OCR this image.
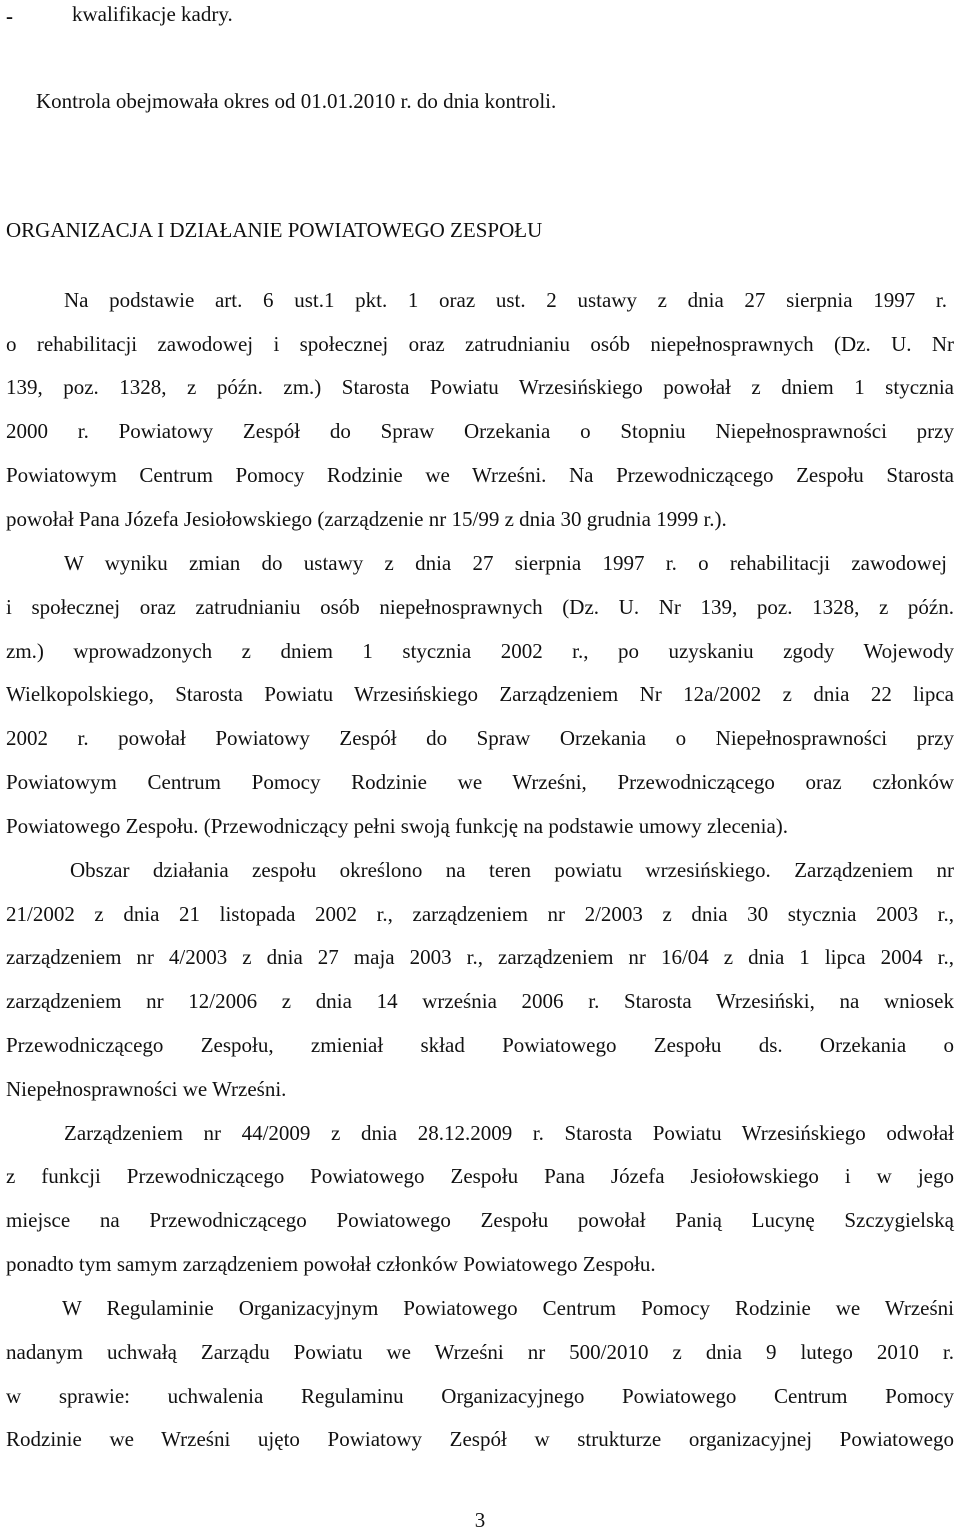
-	kwalifikacje kadry.

Kontrola obejmowała okres od 01.01.2010 r. do dnia kontroli.

ORGANIZACJA I DZIAŁANIE POWIATOWEGO ZESPOŁU

Na podstawie art. 6 ust.1 pkt. 1 oraz ust. 2 ustawy z dnia 27 sierpnia 1997 r.

o rehabilitacji zawodowej i społecznej oraz zatrudnianiu osób niepełnosprawnych (Dz. U. Nr

139, poz. 1328, z późn. zm.) Starosta Powiatu Wrzesińskiego powołał z dniem 1 stycznia

2000 r. Powiatowy Zespół do Spraw Orzekania o Stopniu Niepełnosprawności przy

Powiatowym Centrum Pomocy Rodzinie we Wrześni. Na Przewodniczącego Zespołu Starosta

powołał Pana Józefa Jesiołowskiego (zarządzenie nr 15/99 z dnia 30 grudnia 1999 r.).

W wyniku zmian do ustawy z dnia 27 sierpnia 1997 r. o rehabilitacji zawodowej

i społecznej oraz zatrudnianiu osób niepełnosprawnych (Dz. U. Nr 139, poz. 1328, z późn.

zm.) wprowadzonych z dniem 1 stycznia 2002 r., po uzyskaniu zgody Wojewody

Wielkopolskiego, Starosta Powiatu Wrzesińskiego Zarządzeniem Nr 12a/2002 z dnia 22 lipca

2002 r. powołał Powiatowy Zespół do Spraw Orzekania o Niepełnosprawności przy

Powiatowym Centrum Pomocy Rodzinie we Wrześni, Przewodniczącego oraz członków

Powiatowego Zespołu. (Przewodniczący pełni swoją funkcję na podstawie umowy zlecenia).

Obszar działania zespołu określono na teren powiatu wrzesińskiego. Zarządzeniem nr

21/2002 z dnia 21 listopada 2002 r., zarządzeniem nr 2/2003 z dnia 30 stycznia 2003 r.,

zarządzeniem nr 4/2003 z dnia 27 maja 2003 r., zarządzeniem nr 16/04 z dnia 1 lipca 2004 r.,

zarządzeniem nr 12/2006 z dnia 14 września 2006 r. Starosta Wrzesiński, na wniosek

Przewodniczącego Zespołu, zmieniał skład Powiatowego Zespołu ds. Orzekania o

Niepełnosprawności we Wrześni.

Zarządzeniem nr 44/2009 z dnia 28.12.2009 r. Starosta Powiatu Wrzesińskiego odwołał

z funkcji Przewodniczącego Powiatowego Zespołu Pana Józefa Jesiołowskiego i w jego

miejsce na Przewodniczącego Powiatowego Zespołu powołał Panią Lucynę Szczygielską

ponadto tym samym zarządzeniem powołał członków Powiatowego Zespołu.

W Regulaminie Organizacyjnym Powiatowego Centrum Pomocy Rodzinie we Wrześni

nadanym uchwałą Zarządu Powiatu we Wrześni nr 500/2010 z dnia 9 lutego 2010 r.

w sprawie: uchwalenia Regulaminu Organizacyjnego Powiatowego Centrum Pomocy

Rodzinie we Wrześni ujęto Powiatowy Zespół w strukturze organizacyjnej Powiatowego

3
